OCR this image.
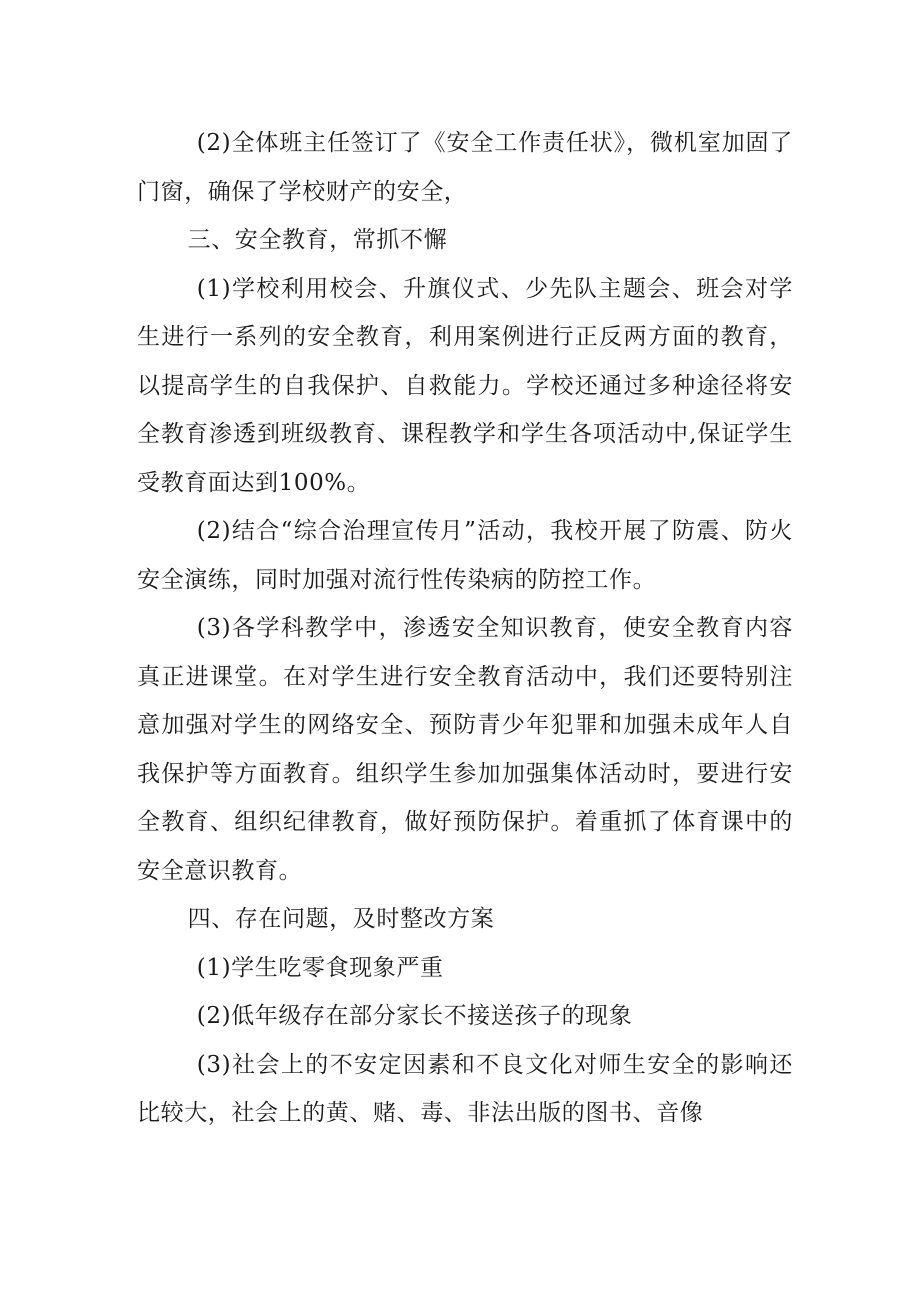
(2)全体班主任签订了《安全工作责任状》，微机室加固了门窗，确保了学校财产的安全，

三、安全教育，常抓不懈

(1)学校利用校会、升旗仪式、少先队主题会、班会对学生进行一系列的安全教育，利用案例进行正反两方面的教育，以提高学生的自我保护、自救能力。学校还通过多种途径将安全教育渗透到班级教育、课程教学和学生各项活动中,保证学生受教育面达到100%。

(2)结合“综合治理宣传月”活动，我校开展了防震、防火安全演练，同时加强对流行性传染病的防控工作。

(3)各学科教学中，渗透安全知识教育，使安全教育内容真正进课堂。在对学生进行安全教育活动中，我们还要特别注意加强对学生的网络安全、预防青少年犯罪和加强未成年人自我保护等方面教育。组织学生参加加强集体活动时，要进行安全教育、组织纪律教育，做好预防保护。着重抓了体育课中的安全意识教育。

四、存在问题，及时整改方案

(1)学生吃零食现象严重

(2)低年级存在部分家长不接送孩子的现象

(3)社会上的不安定因素和不良文化对师生安全的影响还比较大，社会上的黄、赌、毒、非法出版的图书、音像
